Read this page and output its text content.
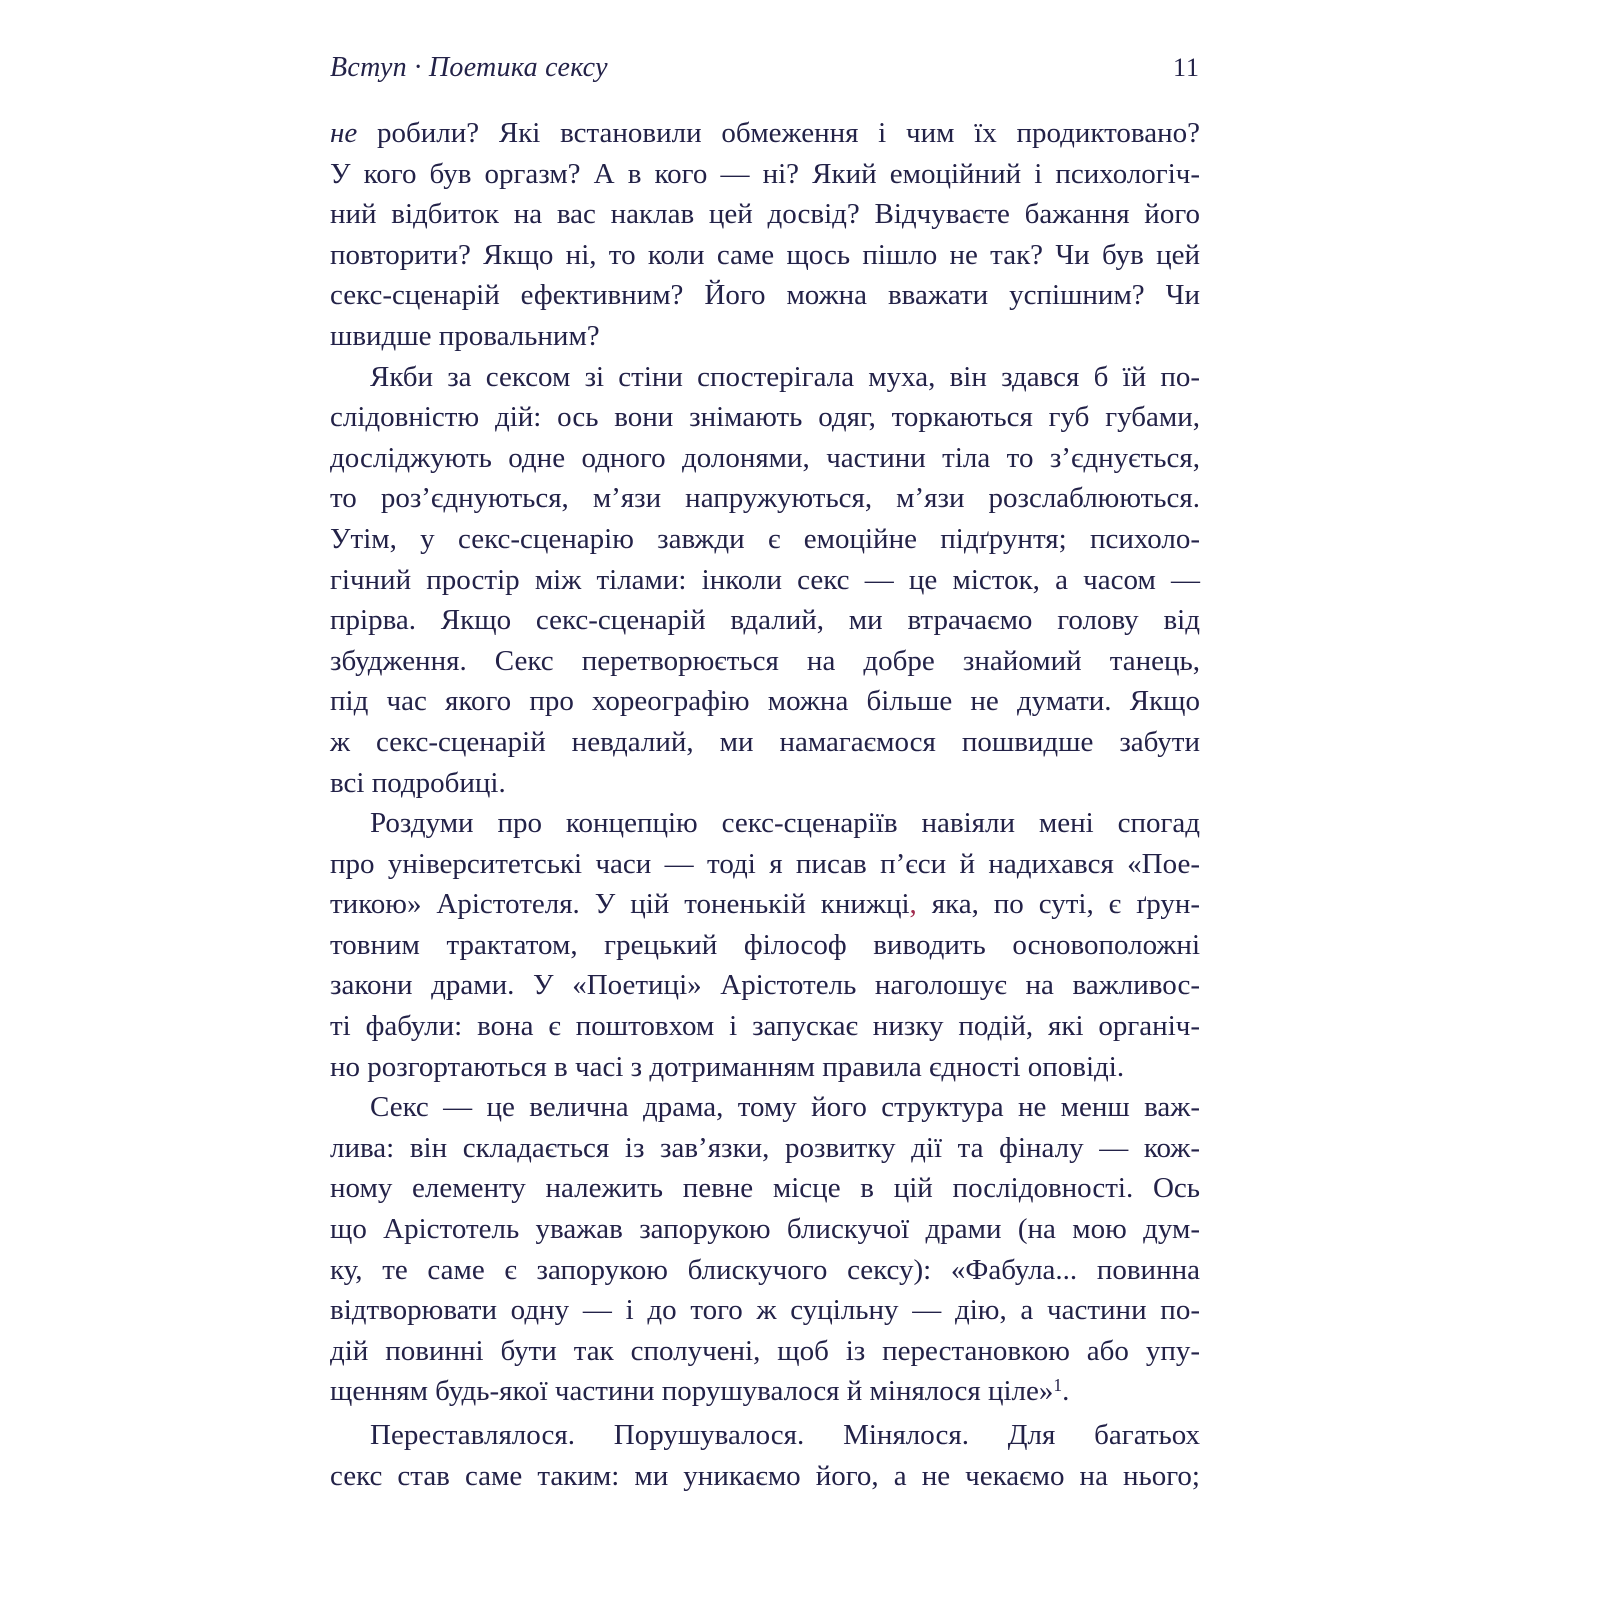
Вступ · Поетика сексу	11
не робили? Які встановили обмеження і чим їх продиктовано?
У кого був оргазм? А в кого — ні? Який емоційний і психологіч-
ний відбиток на вас наклав цей досвід? Відчуваєте бажання його
повторити? Якщо ні, то коли саме щось пішло не так? Чи був цей
секс-сценарій ефективним? Його можна вважати успішним? Чи
швидше провальним?
Якби за сексом зі стіни спостерігала муха, він здався б їй по-
слідовністю дій: ось вони знімають одяг, торкаються губ губами,
досліджують одне одного долонями, частини тіла то з’єднується,
то роз’єднуються, м’язи напружуються, м’язи розслаблюються.
Утім, у секс-сценарію завжди є емоційне підґрунтя; психоло-
гічний простір між тілами: інколи секс — це місток, а часом —
прірва. Якщо секс-сценарій вдалий, ми втрачаємо голову від
збудження. Секс перетворюється на добре знайомий танець,
під час якого про хореографію можна більше не думати. Якщо
ж секс-сценарій невдалий, ми намагаємося пошвидше забути
всі подробиці.
Роздуми про концепцію секс-сценаріїв навіяли мені спогад
про університетські часи — тоді я писав п’єси й надихався «Пое-
тикою» Арістотеля. У цій тоненькій книжці, яка, по суті, є ґрун-
товним трактатом, грецький філософ виводить основоположні
закони драми. У «Поетиці» Арістотель наголошує на важливос-
ті фабули: вона є поштовхом і запускає низку подій, які органіч-
но розгортаються в часі з дотриманням правила єдності оповіді.
Секс — це велична драма, тому його структура не менш важ-
лива: він складається із зав’язки, розвитку дії та фіналу — кож-
ному елементу належить певне місце в цій послідовності. Ось
що Арістотель уважав запорукою блискучої драми (на мою дум-
ку, те саме є запорукою блискучого сексу): «Фабула... повинна
відтворювати одну — і до того ж суцільну — дію, а частини по-
дій повинні бути так сполучені, щоб із перестановкою або упу-
щенням будь-якої частини порушувалося й мінялося ціле»$^1$.
Переставлялося. Порушувалося. Мінялося. Для багатьох
секс став саме таким: ми уникаємо його, а не чекаємо на нього;
